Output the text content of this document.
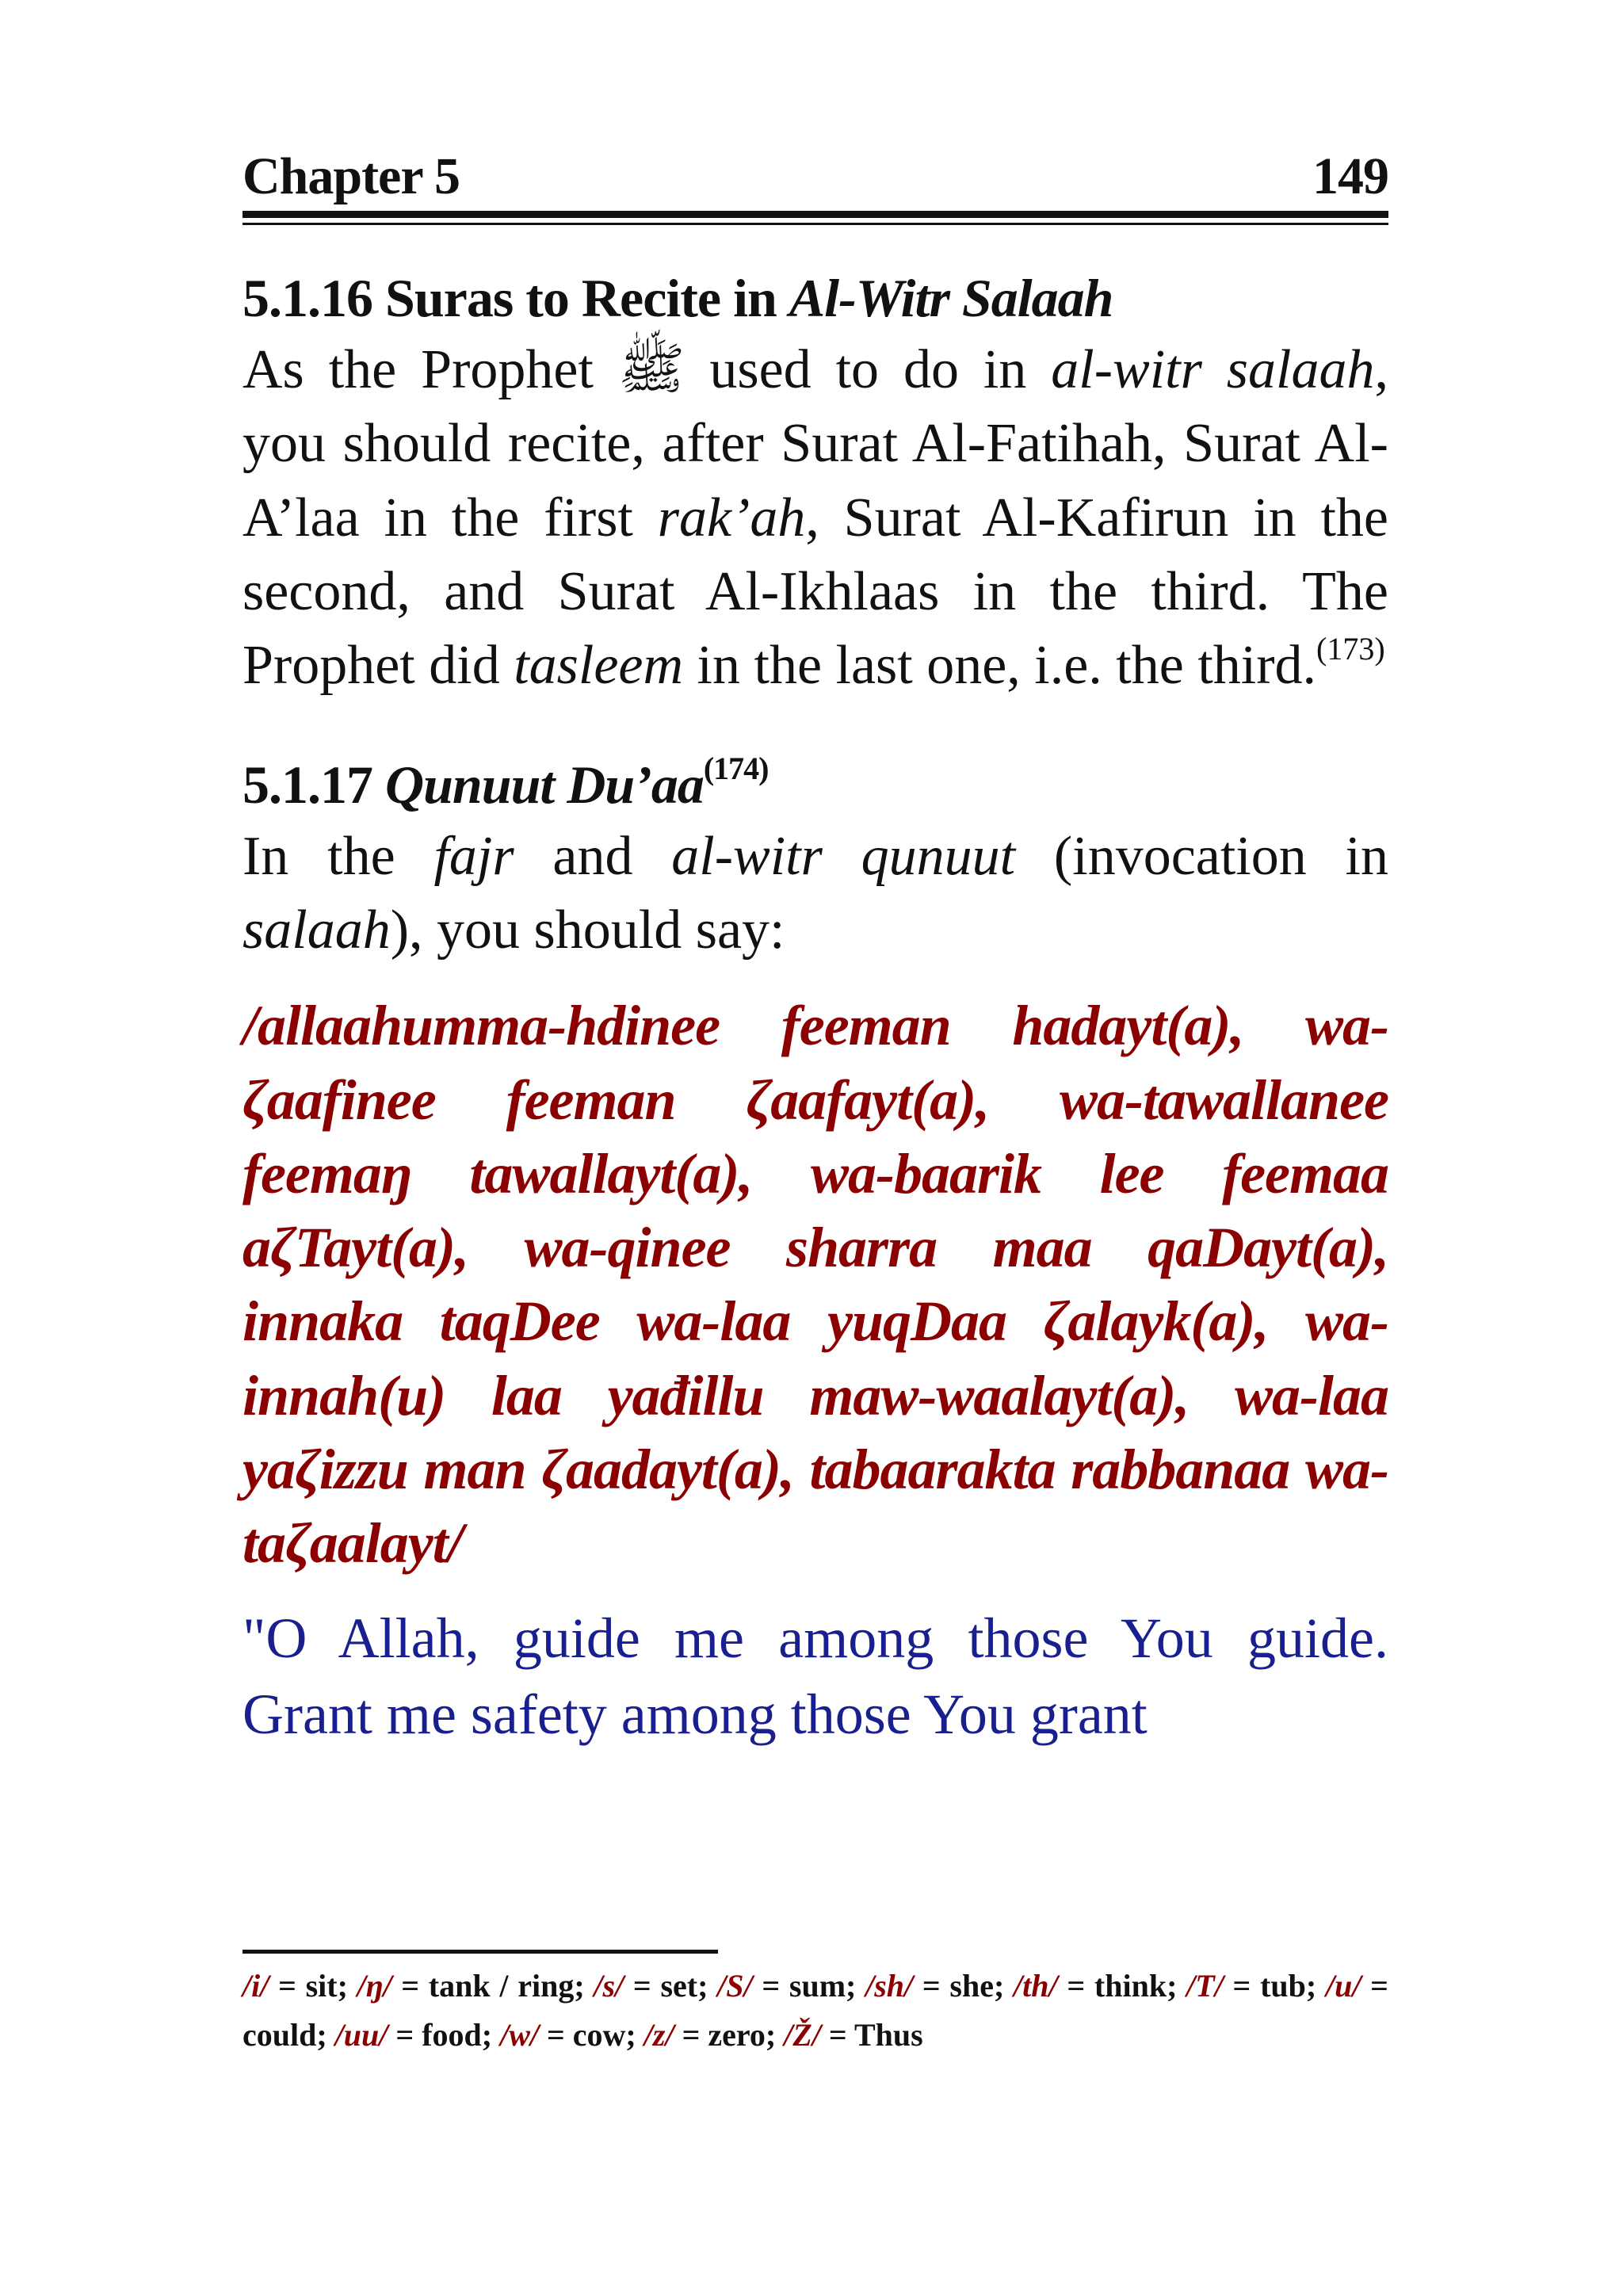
Chapter 5	149
5.1.16 Suras to Recite in Al-Witr Salaah

As the Prophet ﷺ used to do in al-witr salaah, you should recite, after Surat Al-Fatihah, Surat Al-A’laa in the first rak’ah, Surat Al-Kafirun in the second, and Surat Al-Ikhlaas in the third. The Prophet did tasleem in the last one, i.e. the third.$^{(173)}$

5.1.17 Qunuut $Du’aa^{(174)}$

In the fajr and al-witr qunuut (invocation in salaah), you should say:

/allaahumma-hdinee feeman hadayt(a), wa-ζaafinee feeman ζaafayt(a), wa-tawallanee feemaŋ tawallayt(a), wa-baarik lee feemaa aζTayt(a), wa-qinee sharra maa qaDayt(a), innaka taqDee wa-laa yuqDaa ζalayk(a), wa-innah(u) laa yađillu maw-waalayt(a), wa-laa yaζizzu man ζaadayt(a), tabaarakta rabbanaa wa-taζaalayt/

"O Allah, guide me among those You guide. Grant me safety among those You grant

/i/ = sit; /ŋ/ = tank / ring; /s/ = set; /S/ = sum; /sh/ = she; /th/ = think; /T/ = tub; /u/ = could; /uu/ = food; /w/ = cow; /z/ = zero; /Ž/ = Thus
